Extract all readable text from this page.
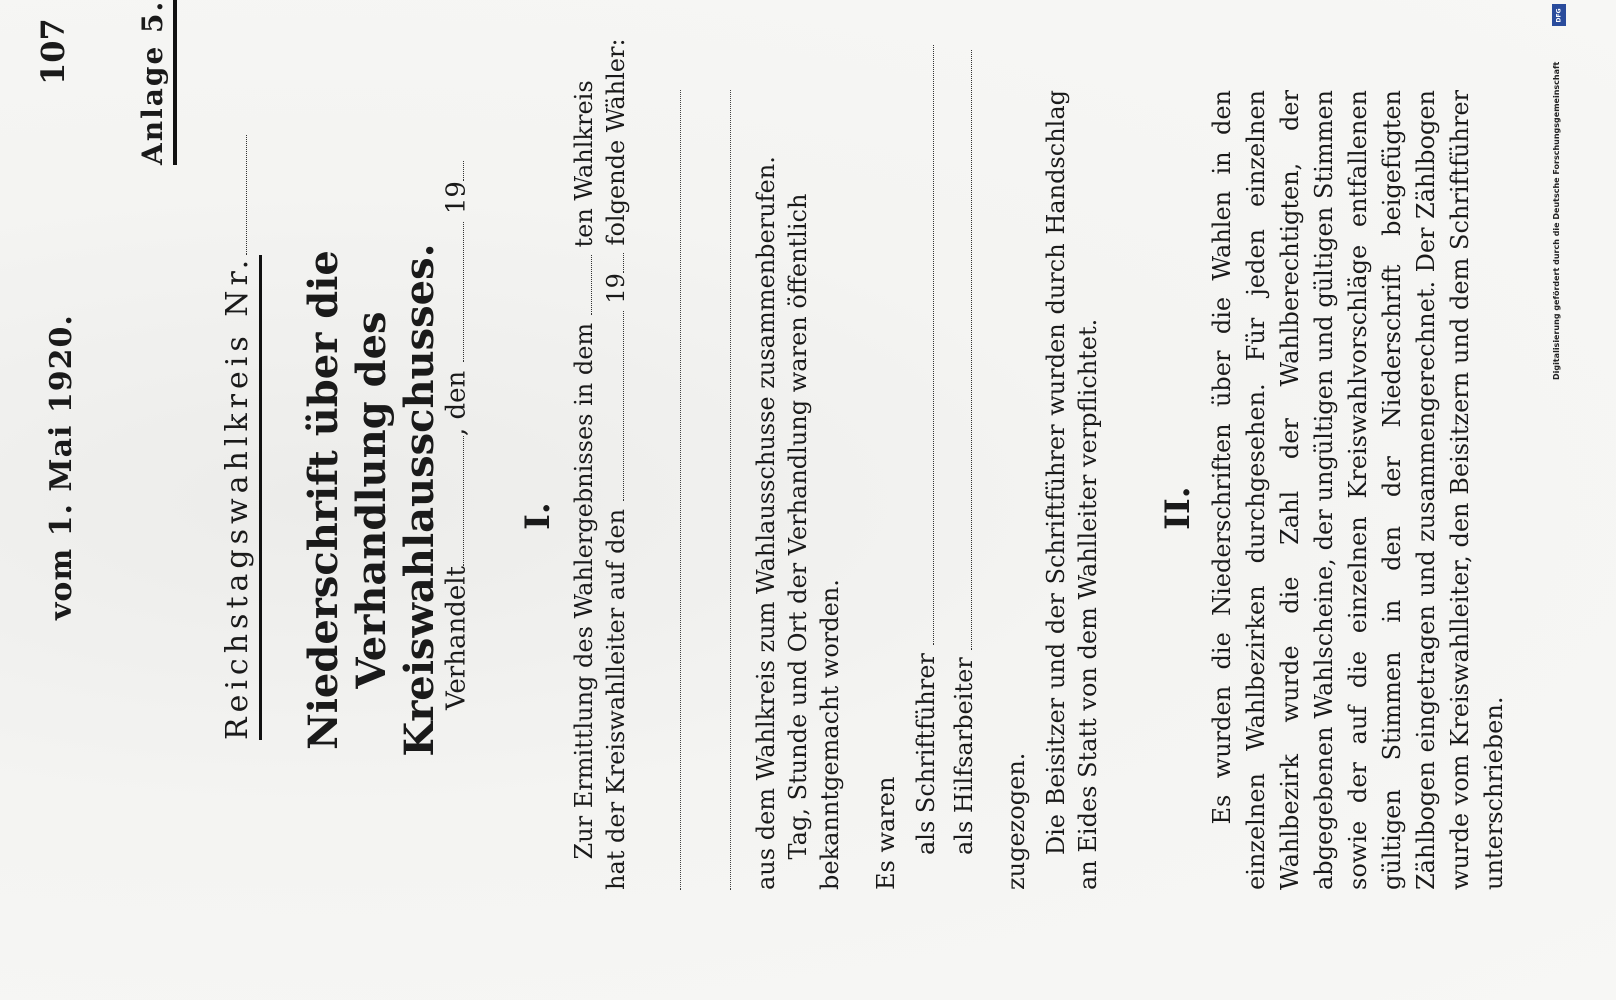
vom 1. Mai 1920.
107 Anlage 5.
Reichstagswahlkreis Nr. Niederschrift über die Verhandlung des Kreiswahlausschusses.
Verhandelt, den  19
I. Zur Ermittlung des Wahlergebnisses in dem  ten Wahlkreis
hat der Kreiswahlleiter auf den  19 folgende Wähler:
aus dem Wahlkreis zum Wahlausschusse zusammenberufen. Tag, Stunde und Ort der Verhandlung waren öffentlich bekanntgemacht worden. Es waren als Schriftführer als Hilfsarbeiter zugezogen. Die Beisitzer und der Schriftführer wurden durch Handschlag an Eides Statt von dem Wahlleiter verpflichtet. II. Es wurden die Niederschriften über die Wahlen in den einzelnen Wahlbezirken durchgesehen. Für jeden einzelnen Wahlbezirk wurde die Zahl der Wahlberechtigten, der abgegebenen Wahlscheine, der ungültigen und gültigen Stimmen sowie der auf die einzelnen Kreiswahlvorschläge entfallenen gültigen Stimmen in den der Niederschrift beigefügten Zählbogen eingetragen und zusammengerechnet. Der Zählbogen wurde vom Kreiswahlleiter, den Beisitzern und dem Schriftführer unterschrieben.
DFG
Digitalisierung gefördert durch die Deutsche Forschungsgemeinschaft
